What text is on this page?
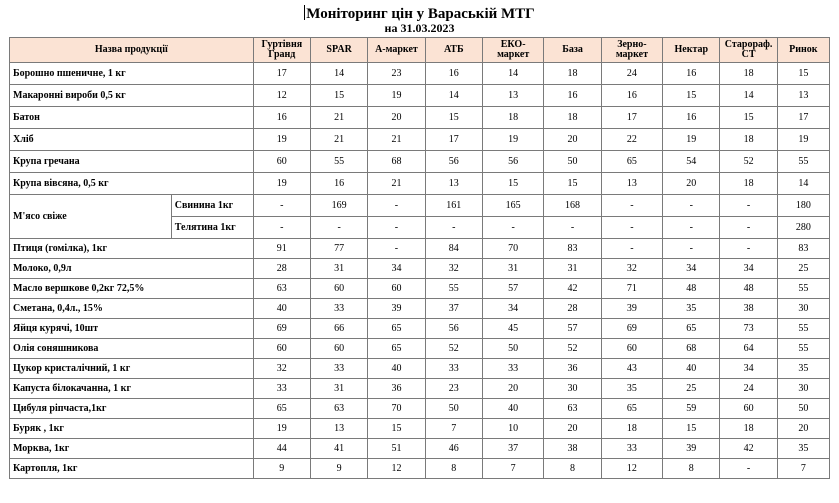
Моніторинг цін у Вараській МТГ
на 31.03.2023
Назва продукції		Гуртівня Гранд	SPAR	А-маркет	АТБ	ЕКО-маркет	База	Зерно-маркет	Нектар	Старораф. СТ	Ринок
Борошно пшеничне, 1 кг		17	14	23	16	14	18	24	16	18	15
Макаронні вироби 0,5 кг		12	15	19	14	13	16	16	15	14	13
Батон		16	21	20	15	18	18	17	16	15	17
Хліб		19	21	21	17	19	20	22	19	18	19
Крупа гречана		60	55	68	56	56	50	65	54	52	55
Крупа вівсяна, 0,5 кг		19	16	21	13	15	15	13	20	18	14
М'ясо свіже	Свинина 1кг	-	169	-	161	165	168	-	-	-	180
	Телятина 1кг	-	-	-	-	-	-	-	-	-	280
Птиця (гомілка), 1кг		91	77	-	84	70	83	-	-	-	83
Молоко, 0,9л		28	31	34	32	31	31	32	34	34	25
Масло вершкове 0,2кг 72,5%		63	60	60	55	57	42	71	48	48	55
Сметана, 0,4л., 15%		40	33	39	37	34	28	39	35	38	30
Яйця курячі, 10шт		69	66	65	56	45	57	69	65	73	55
Олія соняшникова		60	60	65	52	50	52	60	68	64	55
Цукор кристалічний, 1 кг		32	33	40	33	33	36	43	40	34	35
Капуста білокачанна, 1 кг		33	31	36	23	20	30	35	25	24	30
Цибуля ріпчаста,1кг		65	63	70	50	40	63	65	59	60	50
Буряк , 1кг		19	13	15	7	10	20	18	15	18	20
Морква, 1кг		44	41	51	46	37	38	33	39	42	35
Картопля, 1кг		9	9	12	8	7	8	12	8	-	7
